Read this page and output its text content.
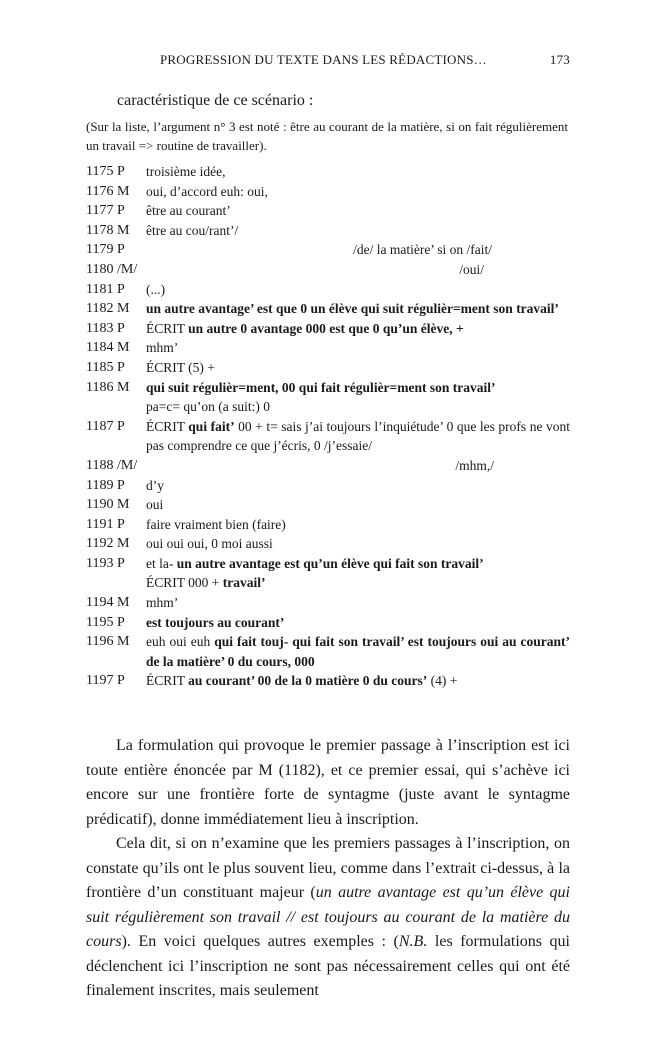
PROGRESSION DU TEXTE DANS LES RÉDACTIONS…	173
caractéristique de ce scénario :
(Sur la liste, l’argument n° 3 est noté : être au courant de la matière, si on fait régulièrement un travail => routine de travailler).
1175 P	troisième idée,
1176 M	oui, d’accord euh: oui,
1177 P	être au courant’
1178 M	être au cou/rant’/
1179 P	/de/ la matière’ si on /fait/
1180 /M/	/oui/
1181 P	(...)
1182 M	un autre avantage’ est que 0 un élève qui suit régulièr=ment son travail’
1183 P	ÉCRIT un autre 0 avantage 000 est que 0 qu’un élève, +
1184 M	mhm’
1185 P	ÉCRIT (5) +
1186 M	qui suit régulièr=ment, 00 qui fait régulièr=ment son travail’
pa=c= qu’on (a suit:) 0
1187 P	ÉCRIT qui fait’ 00 + t= sais j’ai toujours l’inquiétude’ 0 que les profs ne vont pas comprendre ce que j’écris, 0 /j’essaie/
1188 /M/	/mhm,/
1189 P	d’y
1190 M	oui
1191 P	faire vraiment bien (faire)
1192 M	oui oui oui, 0 moi aussi
1193 P	et la- un autre avantage est qu’un élève qui fait son travail’
ÉCRIT 000 + travail’
1194 M	mhm’
1195 P	est toujours au courant’
1196 M	euh oui euh qui fait touj- qui fait son travail’ est toujours oui au courant’ de la matière’ 0 du cours, 000
1197 P	ÉCRIT au courant’ 00 de la 0 matière 0 du cours’ (4) +

La formulation qui provoque le premier passage à l’inscription est ici toute entière énoncée par M (1182), et ce premier essai, qui s’achève ici encore sur une frontière forte de syntagme (juste avant le syntagme prédicatif), donne immédiatement lieu à inscription.

Cela dit, si on n’examine que les premiers passages à l’inscription, on constate qu’ils ont le plus souvent lieu, comme dans l’extrait ci-dessus, à la frontière d’un constituant majeur (un autre avantage est qu’un élève qui suit régulièrement son travail // est toujours au courant de la matière du cours). En voici quelques autres exemples : (N.B. les formulations qui déclenchent ici l’inscription ne sont pas nécessairement celles qui ont été finalement inscrites, mais seulement
